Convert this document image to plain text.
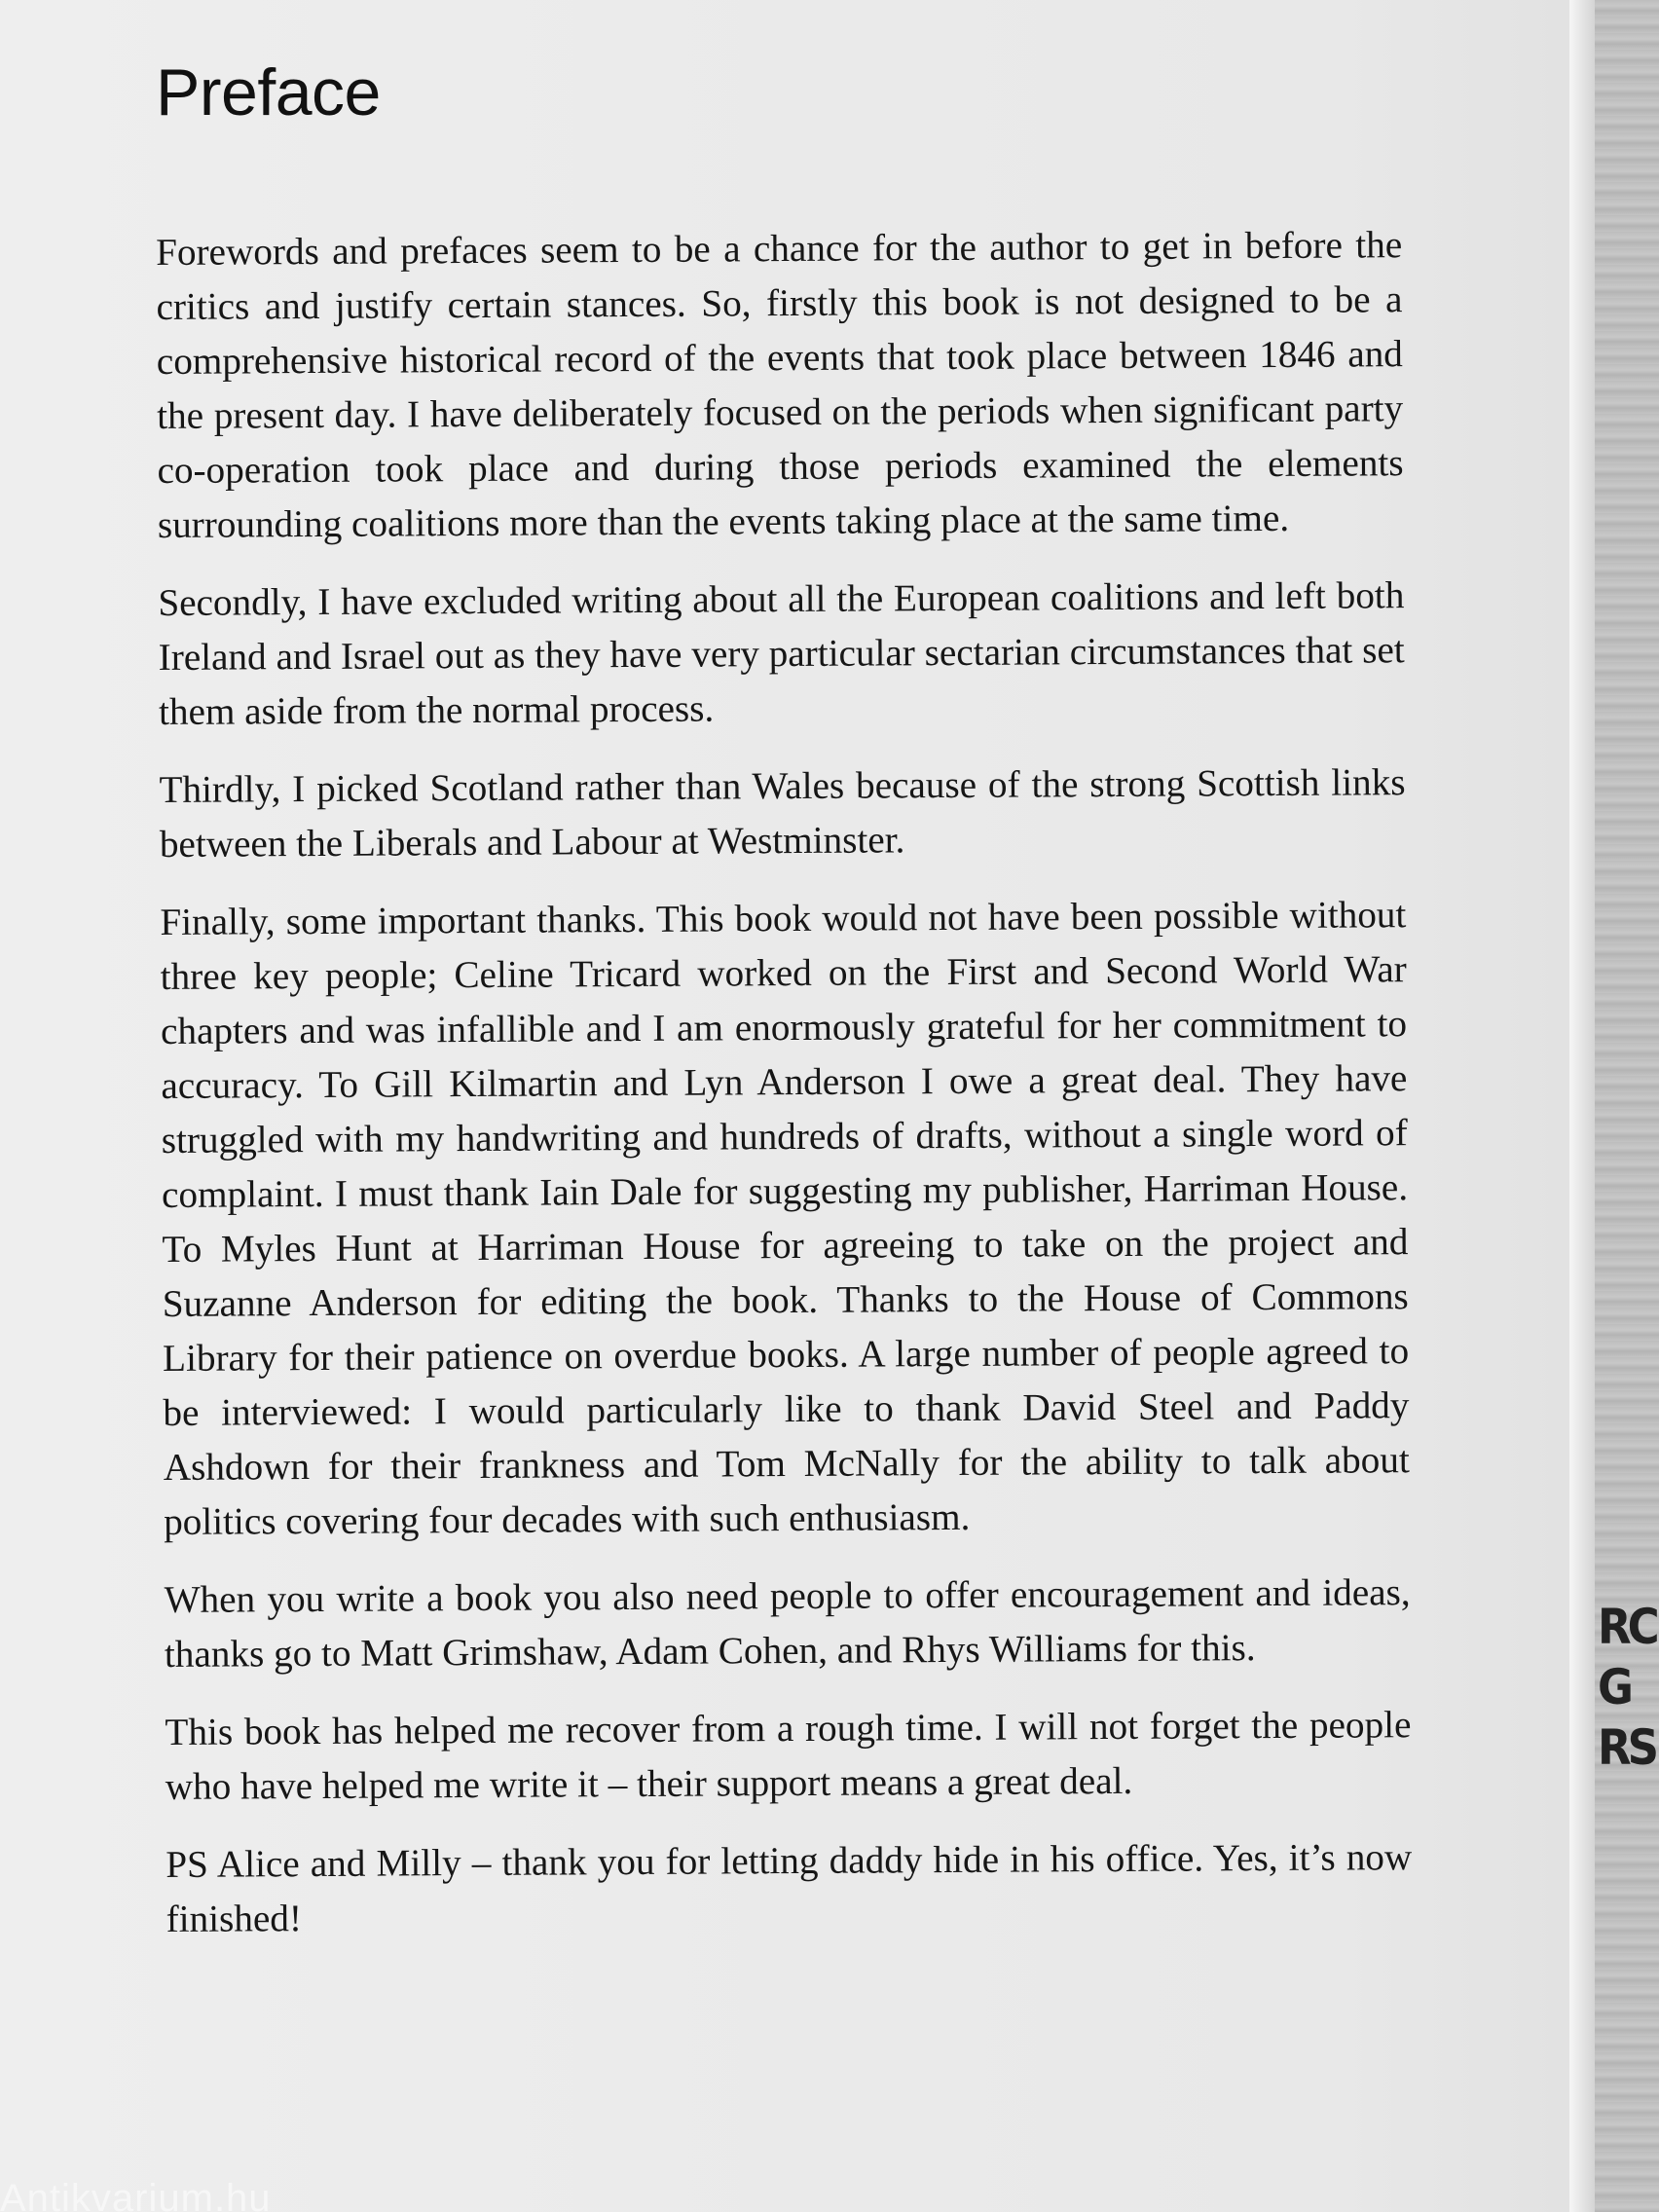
Preface

Forewords and prefaces seem to be a chance for the author to get in before the critics and justify certain stances. So, firstly this book is not designed to be a comprehensive historical record of the events that took place between 1846 and the present day. I have deliberately focused on the periods when significant party co-operation took place and during those periods examined the elements surrounding coalitions more than the events taking place at the same time.

Secondly, I have excluded writing about all the European coalitions and left both Ireland and Israel out as they have very particular sectarian circumstances that set them aside from the normal process.

Thirdly, I picked Scotland rather than Wales because of the strong Scottish links between the Liberals and Labour at Westminster.

Finally, some important thanks. This book would not have been possible without three key people; Celine Tricard worked on the First and Second World War chapters and was infallible and I am enormously grateful for her commitment to accuracy. To Gill Kilmartin and Lyn Anderson I owe a great deal. They have struggled with my handwriting and hundreds of drafts, without a single word of complaint. I must thank Iain Dale for suggesting my publisher, Harriman House. To Myles Hunt at Harriman House for agreeing to take on the project and Suzanne Anderson for editing the book. Thanks to the House of Commons Library for their patience on overdue books. A large number of people agreed to be interviewed: I would particularly like to thank David Steel and Paddy Ashdown for their frankness and Tom McNally for the ability to talk about politics covering four decades with such enthusiasm.

When you write a book you also need people to offer encouragement and ideas, thanks go to Matt Grimshaw, Adam Cohen, and Rhys Williams for this.

This book has helped me recover from a rough time. I will not forget the people who have helped me write it – their support means a great deal.

PS Alice and Milly – thank you for letting daddy hide in his office. Yes, it’s now finished!

Antikvarium.hu
RC
G
RS
